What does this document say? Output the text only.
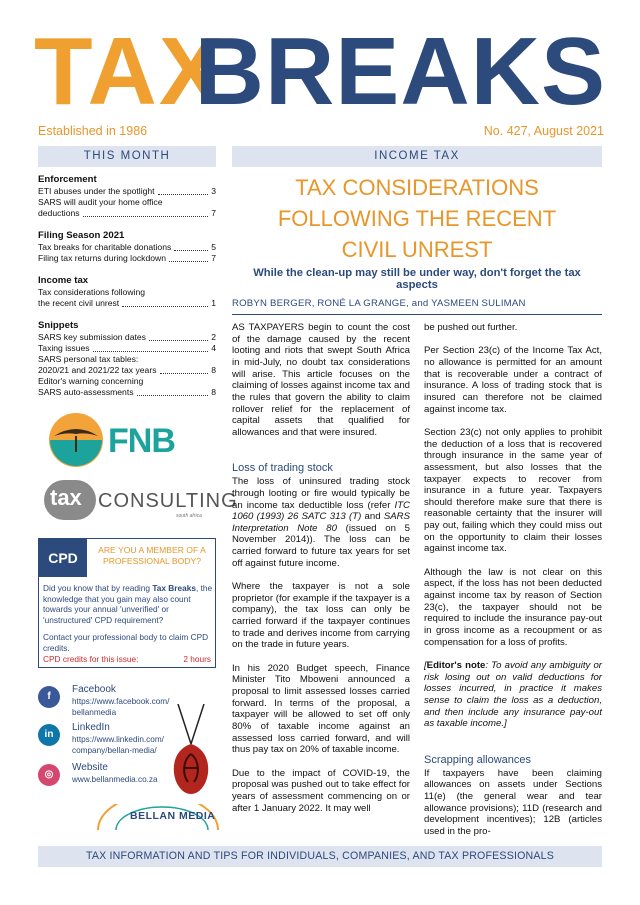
TAX
BREAKS
Established in 1986	No. 427, August 2021
THIS MONTH	INCOME TAX
Enforcement
ETI abuses under the spotlight	3
SARS will audit your home office
deductions	7
Filing Season 2021
Tax breaks for charitable donations	5
Filing tax returns during lockdown	7
Income tax
Tax considerations following
the recent civil unrest	1
Snippets
SARS key submission dates	2
Taxing issues	4
SARS personal tax tables:
2020/21 and 2021/22 tax years	8
Editor's warning concerning
SARS auto-assessments	8
FNB
tax CONSULTING
south africa
CPD	ARE YOU A MEMBER OF A PROFESSIONAL BODY?

Did you know that by reading Tax Breaks, the knowledge that you gain may also count towards your annual 'unverified' or 'unstructured' CPD requirement?

Contact your professional body to claim CPD credits.

CPD credits for this issue:	2 hours
f
Facebook
https://www.facebook.com/
bellanmedia
in
LinkedIn
https://www.linkedin.com/
company/bellan-media/
◎
Website
www.bellanmedia.co.za
BELLAN MEDIA
TAX CONSIDERATIONS
FOLLOWING THE RECENT
CIVIL UNREST
While the clean-up may still be under way, don't forget the tax aspects
ROBYN BERGER, RONÉ LA GRANGE, and YASMEEN SULIMAN

AS TAXPAYERS begin to count the cost of the damage caused by the recent looting and riots that swept South Africa in mid-July, no doubt tax considerations will arise. This article focuses on the claiming of losses against income tax and the rules that govern the ability to claim rollover relief for the replacement of capital assets that qualified for allowances and that were insured.

Loss of trading stock

The loss of uninsured trading stock through looting or fire would typically be an income tax deductible loss (refer ITC 1060 (1993) 26 SATC 313 (T) and SARS Interpretation Note 80 (issued on 5 November 2014)). The loss can be carried forward to future tax years for set off against future income.

Where the taxpayer is not a sole proprietor (for example if the taxpayer is a company), the tax loss can only be carried forward if the taxpayer continues to trade and derives income from carrying on the trade in future years.

In his 2020 Budget speech, Finance Minister Tito Mboweni announced a proposal to limit assessed losses carried forward. In terms of the proposal, a taxpayer will be allowed to set off only 80% of taxable income against an assessed loss carried forward, and will thus pay tax on 20% of taxable income.

Due to the impact of COVID-19, the proposal was pushed out to take effect for years of assessment commencing on or after 1 January 2022. It may well

be pushed out further.

Per Section 23(c) of the Income Tax Act, no allowance is permitted for an amount that is recoverable under a contract of insurance. A loss of trading stock that is insured can therefore not be claimed against income tax.

Section 23(c) not only applies to prohibit the deduction of a loss that is recovered through insurance in the same year of assessment, but also losses that the taxpayer expects to recover from insurance in a future year. Taxpayers should therefore make sure that there is reasonable certainty that the insurer will pay out, failing which they could miss out on the opportunity to claim their losses against income tax.

Although the law is not clear on this aspect, if the loss has not been deducted against income tax by reason of Section 23(c), the taxpayer should not be required to include the insurance pay-out in gross income as a recoupment or as compensation for a loss of profits.

[Editor's note: To avoid any ambiguity or risk losing out on valid deductions for losses incurred, in practice it makes sense to claim the loss as a deduction, and then include any insurance pay-out as taxable income.]

Scrapping allowances

If taxpayers have been claiming allowances on assets under Sections 11(e) (the general wear and tear allowance provisions); 11D (research and development incentives); 12B (articles used in the pro-

TAX INFORMATION AND TIPS FOR INDIVIDUALS, COMPANIES, AND TAX PROFESSIONALS
